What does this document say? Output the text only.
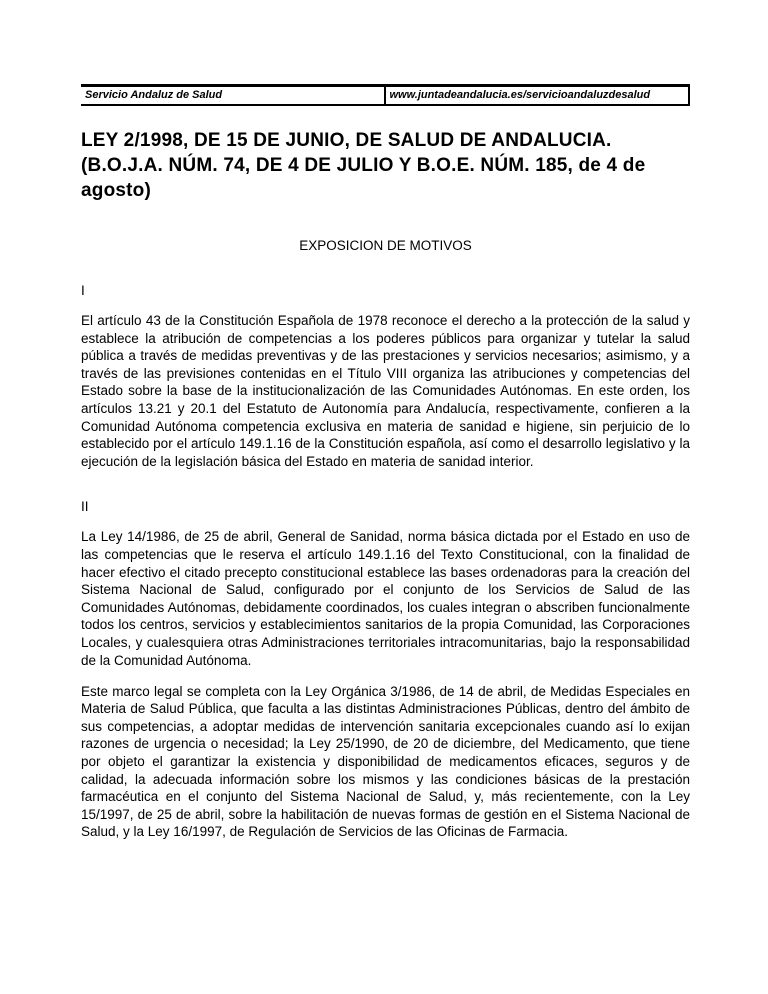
Servicio Andaluz de Salud	www.juntadeandalucia.es/servicioandaluzdesalud
LEY 2/1998, DE 15 DE JUNIO, DE SALUD DE ANDALUCIA. (B.O.J.A. NÚM. 74, DE 4 DE JULIO Y B.O.E. NÚM. 185, de 4 de agosto)
EXPOSICION DE MOTIVOS
I

El artículo 43 de la Constitución Española de 1978 reconoce el derecho a la protección de la salud y establece la atribución de competencias a los poderes públicos para organizar y tutelar la salud pública a través de medidas preventivas y de las prestaciones y servicios necesarios; asimismo, y a través de las previsiones contenidas en el Título VIII organiza las atribuciones y competencias del Estado sobre la base de la institucionalización de las Comunidades Autónomas. En este orden, los artículos 13.21 y 20.1 del Estatuto de Autonomía para Andalucía, respectivamente, confieren a la Comunidad Autónoma competencia exclusiva en materia de sanidad e higiene, sin perjuicio de lo establecido por el artículo 149.1.16 de la Constitución española, así como el desarrollo legislativo y la ejecución de la legislación básica del Estado en materia de sanidad interior.

II

La Ley 14/1986, de 25 de abril, General de Sanidad, norma básica dictada por el Estado en uso de las competencias que le reserva el artículo 149.1.16 del Texto Constitucional, con la finalidad de hacer efectivo el citado precepto constitucional establece las bases ordenadoras para la creación del Sistema Nacional de Salud, configurado por el conjunto de los Servicios de Salud de las Comunidades Autónomas, debidamente coordinados, los cuales integran o abscriben funcionalmente todos los centros, servicios y establecimientos sanitarios de la propia Comunidad, las Corporaciones Locales, y cualesquiera otras Administraciones territoriales intracomunitarias, bajo la responsabilidad de la Comunidad Autónoma.

Este marco legal se completa con la Ley Orgánica 3/1986, de 14 de abril, de Medidas Especiales en Materia de Salud Pública, que faculta a las distintas Administraciones Públicas, dentro del ámbito de sus competencias, a adoptar medidas de intervención sanitaria excepcionales cuando así lo exijan razones de urgencia o necesidad; la Ley 25/1990, de 20 de diciembre, del Medicamento, que tiene por objeto el garantizar la existencia y disponibilidad de medicamentos eficaces, seguros y de calidad, la adecuada información sobre los mismos y las condiciones básicas de la prestación farmacéutica en el conjunto del Sistema Nacional de Salud, y, más recientemente, con la Ley 15/1997, de 25 de abril, sobre la habilitación de nuevas formas de gestión en el Sistema Nacional de Salud, y la Ley 16/1997, de Regulación de Servicios de las Oficinas de Farmacia.
